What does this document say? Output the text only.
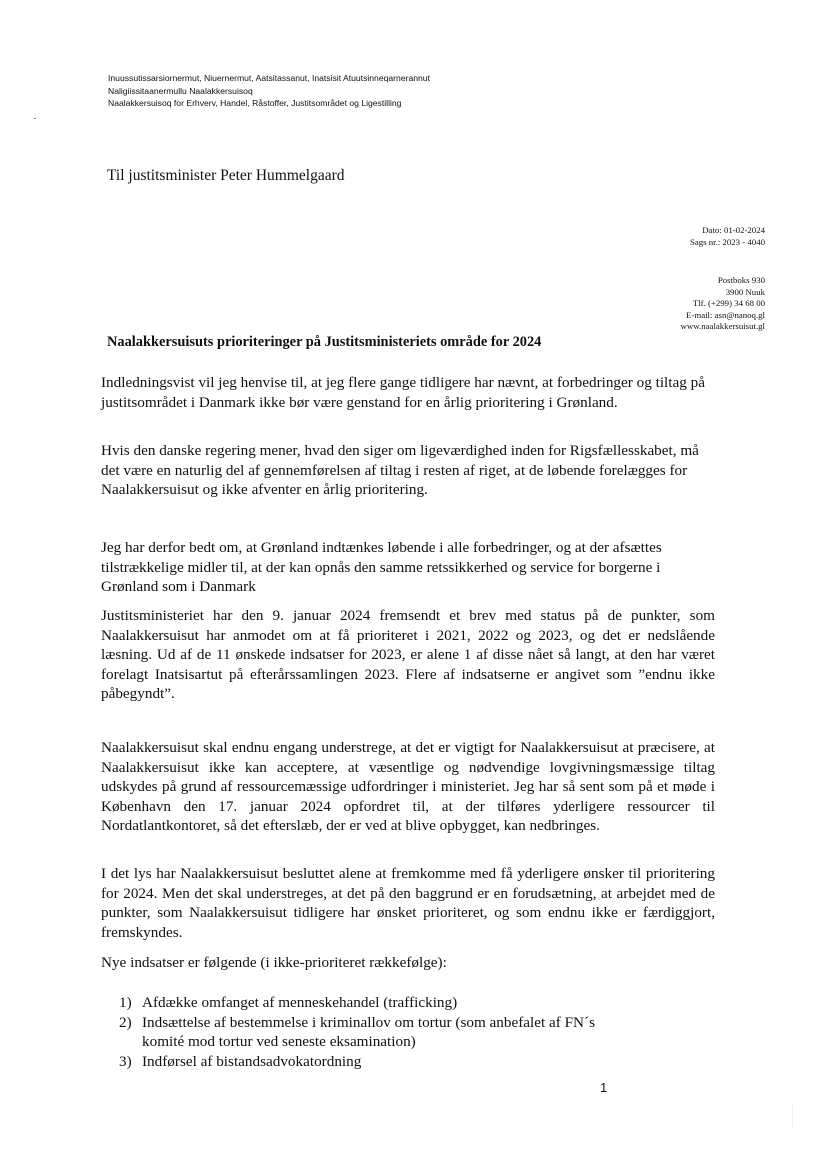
Inuussutissarsiornermut, Niuernermut, Aatsitassanut, Inatsisit Atuutsinneqarnerannut
Naligiissitaanermullu Naalakkersuisoq
Naalakkersuisoq for Erhverv, Handel, Råstoffer, Justitsområdet og Ligestilling
Til justitsminister Peter Hummelgaard
Dato: 01-02-2024
Sags nr.: 2023 - 4040
Postboks 930
3900 Nuuk
Tlf. (+299) 34 68 00
E-mail: asn@nanoq.gl
www.naalakkersuisut.gl
Naalakkersuisuts prioriteringer på Justitsministeriets område for 2024
Indledningsvist vil jeg henvise til, at jeg flere gange tidligere har nævnt, at forbedringer og tiltag på justitsområdet i Danmark ikke bør være genstand for en årlig prioritering i Grønland.
Hvis den danske regering mener, hvad den siger om ligeværdighed inden for Rigsfællesskabet, må det være en naturlig del af gennemførelsen af tiltag i resten af riget, at de løbende forelægges for Naalakkersuisut og ikke afventer en årlig prioritering.
Jeg har derfor bedt om, at Grønland indtænkes løbende i alle forbedringer, og at der afsættes tilstrækkelige midler til, at der kan opnås den samme retssikkerhed og service for borgerne i Grønland som i Danmark
Justitsministeriet har den 9. januar 2024 fremsendt et brev med status på de punkter, som Naalakkersuisut har anmodet om at få prioriteret i 2021, 2022 og 2023, og det er nedslående læsning. Ud af de 11 ønskede indsatser for 2023, er alene 1 af disse nået så langt, at den har været forelagt Inatsisartut på efterårssamlingen 2023. Flere af indsatserne er angivet som ”endnu ikke påbegyndt”.
Naalakkersuisut skal endnu engang understrege, at det er vigtigt for Naalakkersuisut at præcisere, at Naalakkersuisut ikke kan acceptere, at væsentlige og nødvendige lovgivningsmæssige tiltag udskydes på grund af ressourcemæssige udfordringer i ministeriet. Jeg har så sent som på et møde i København den 17. januar 2024 opfordret til, at der tilføres yderligere ressourcer til Nordatlantkontoret, så det efterslæb, der er ved at blive opbygget, kan nedbringes.
I det lys har Naalakkersuisut besluttet alene at fremkomme med få yderligere ønsker til prioritering for 2024. Men det skal understreges, at det på den baggrund er en forudsætning, at arbejdet med de punkter, som Naalakkersuisut tidligere har ønsket prioriteret, og som endnu ikke er færdiggjort, fremskyndes.
Nye indsatser er følgende (i ikke-prioriteret rækkefølge):
1) Afdække omfanget af menneskehandel (trafficking)
2) Indsættelse af bestemmelse i kriminallov om tortur (som anbefalet af FN´s komité mod tortur ved seneste eksamination)
3) Indførsel af bistandsadvokatordning
1
